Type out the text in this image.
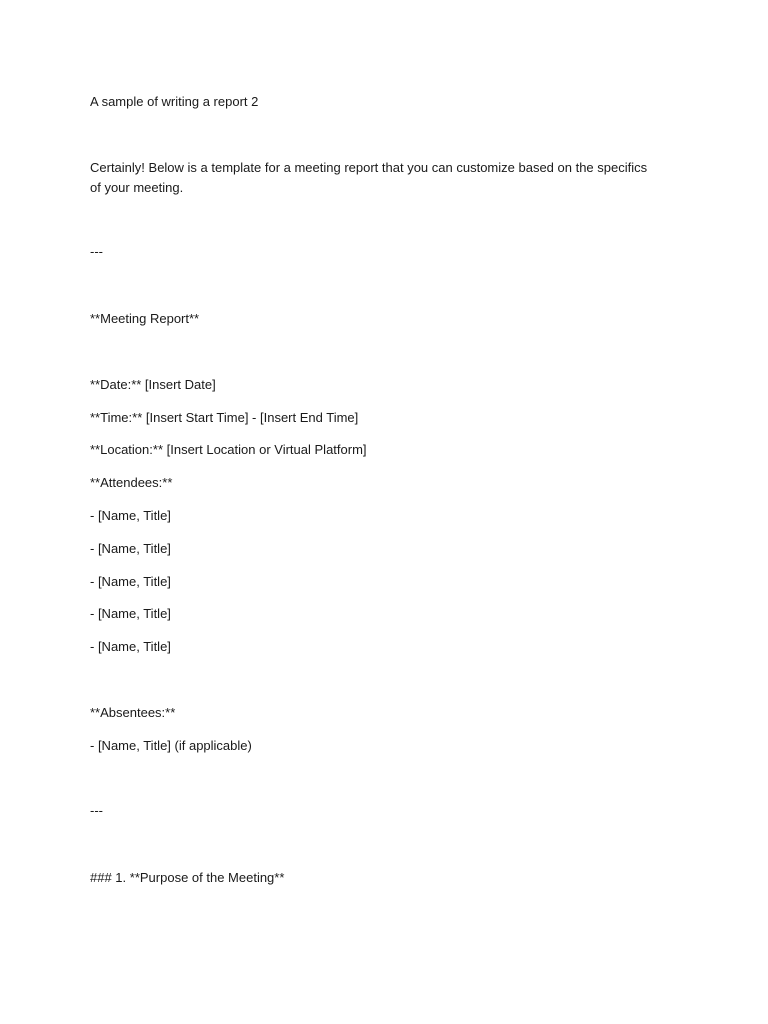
A sample of writing a report 2
Certainly! Below is a template for a meeting report that you can customize based on the specifics of your meeting.
---
**Meeting Report**
**Date:** [Insert Date]
**Time:** [Insert Start Time] - [Insert End Time]
**Location:** [Insert Location or Virtual Platform]
**Attendees:**
- [Name, Title]
- [Name, Title]
- [Name, Title]
- [Name, Title]
- [Name, Title]
**Absentees:**
- [Name, Title] (if applicable)
---
### 1. **Purpose of the Meeting**
